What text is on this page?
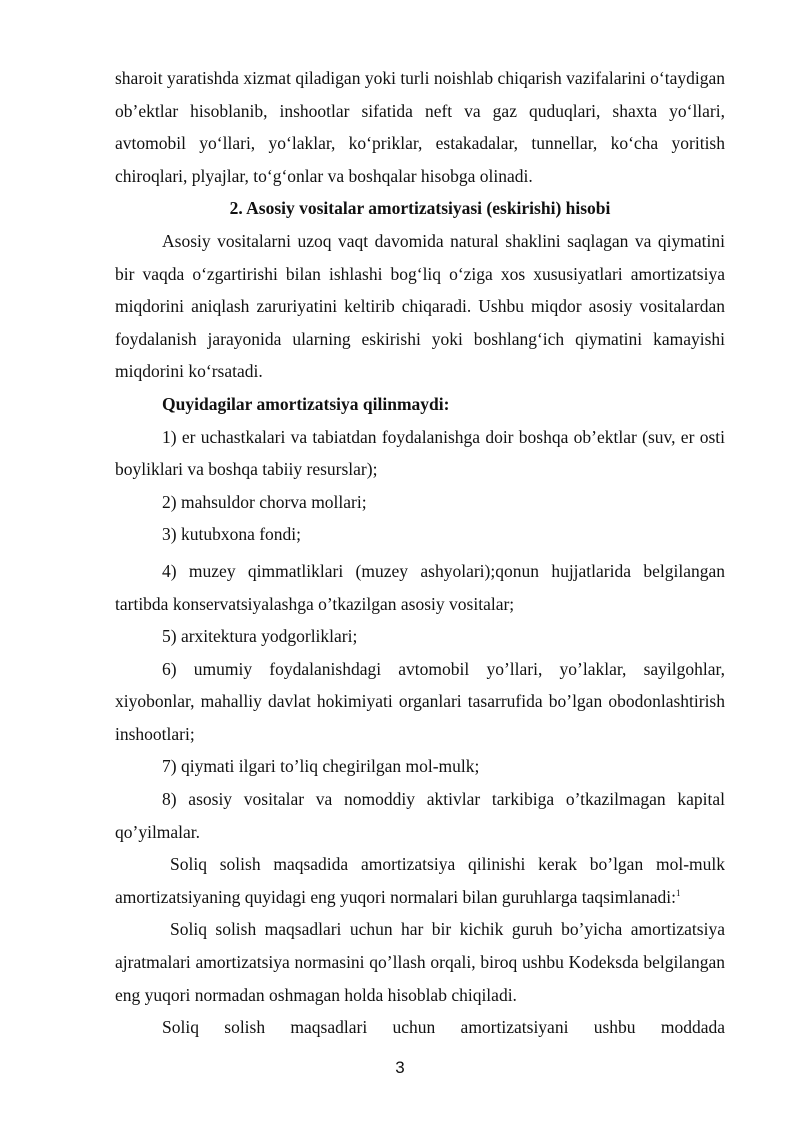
sharoit yaratishda xizmat qiladigan yoki turli noishlab chiqarish vazifalarini o‘taydigan ob’ektlar hisoblanib, inshootlar sifatida neft va gaz quduqlari, shaxta yo‘llari, avtomobil yo‘llari, yo‘laklar, ko‘priklar, estakadalar, tunnellar, ko‘cha yoritish chiroqlari, plyajlar, to‘g‘onlar va boshqalar hisobga olinadi.

2. Asosiy vositalar amortizatsiyasi (eskirishi) hisobi

Asosiy vositalarni uzoq vaqt davomida natural shaklini saqlagan va qiymatini bir vaqda o‘zgartirishi bilan ishlashi bog‘liq o‘ziga xos xususiyatlari amortizatsiya miqdorini aniqlash zaruriyatini keltirib chiqaradi. Ushbu miqdor asosiy vositalardan foydalanish jarayonida ularning eskirishi yoki boshlang‘ich qiymatini kamayishi miqdorini ko‘rsatadi.

Quyidagilar amortizatsiya qilinmaydi:

1) er uchastkalari va tabiatdan foydalanishga doir boshqa ob’ektlar (suv, er osti boyliklari va boshqa tabiiy resurslar);

2) mahsuldor chorva mollari;

3) kutubxona fondi;

4) muzey qimmatliklari (muzey ashyolari);qonun hujjatlarida belgilangan tartibda konservatsiyalashga o’tkazilgan asosiy vositalar;

5) arxitektura yodgorliklari;

6) umumiy foydalanishdagi avtomobil yo’llari, yo’laklar, sayilgohlar, xiyobonlar, mahalliy davlat hokimiyati organlari tasarrufida bo’lgan obodonlashtirish inshootlari;

7) qiymati ilgari to’liq chegirilgan mol-mulk;

8) asosiy vositalar va nomoddiy aktivlar tarkibiga o’tkazilmagan kapital qo’yilmalar.

Soliq solish maqsadida amortizatsiya qilinishi kerak bo’lgan mol-mulk amortizatsiyaning quyidagi eng yuqori normalari bilan guruhlarga taqsimlanadi:$^1$

Soliq solish maqsadlari uchun har bir kichik guruh bo’yicha amortizatsiya ajratmalari amortizatsiya normasini qo’llash orqali, biroq ushbu Kodeksda belgilangan eng yuqori normadan oshmagan holda hisoblab chiqiladi.

Soliq solish maqsadlari uchun amortizatsiyani ushbu moddada

3
